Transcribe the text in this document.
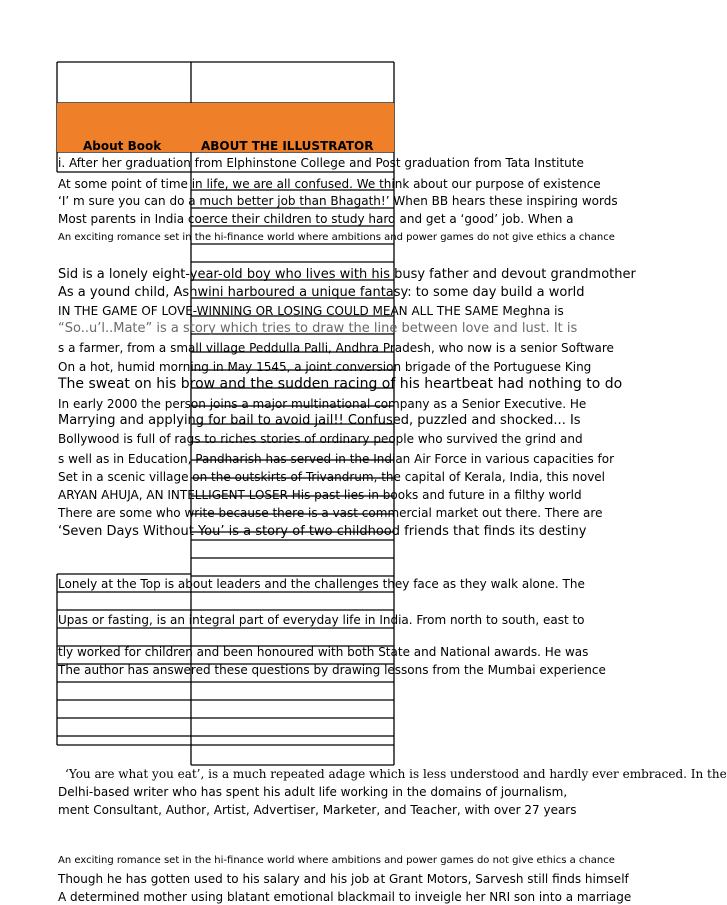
About Book	ABOUT THE ILLUSTRATOR
i. After her graduation from Elphinstone College and Post graduation from Tata Institute
At some point of time in life, we are all confused. We think about our purpose of existence
‘I’ m sure you can do a much better job than Bhagath!’ When BB hears these inspiring words
Most parents in India coerce their children to study hard and get a ‘good’ job. When a
An exciting romance set in the hi-finance world where ambitions and power games do not give ethics a chance
Sid is a lonely eight-year-old boy who lives with his busy father and devout grandmother
As a yound child, Ashwini harboured a unique fantasy: to some day build a world
IN THE GAME OF LOVE-WINNING OR LOSING COULD MEAN ALL THE SAME Meghna is
“So..u’l..Mate” is a story which tries to draw the line between love and lust. It is
s a farmer, from a small village Peddulla Palli, Andhra Pradesh, who now is a senior Software
On a hot, humid morning in May 1545, a joint conversion brigade of the Portuguese King
The sweat on his brow and the sudden racing of his heartbeat had nothing to do
In early 2000 the person joins a major multinational company as a Senior Executive. He
Marrying and applying for bail to avoid jail!! Confused, puzzled and shocked... Is
Bollywood is full of rags to riches stories of ordinary people who survived the grind and
s well as in Education, Pandharish has served in the Indian Air Force in various capacities for
Set in a scenic village on the outskirts of Trivandrum, the capital of Kerala, India, this novel
ARYAN AHUJA, AN INTELLIGENT LOSER His past lies in books and future in a filthy world
There are some who write because there is a vast commercial market out there. There are
‘Seven Days Without You’ is a story of two childhood friends that finds its destiny
Lonely at the Top is about leaders and the challenges they face as they walk alone. The
Upas or fasting, is an integral part of everyday life in India. From north to south, east to
tly worked for children and been honoured with both State and National awards. He was
The author has answered these questions by drawing lessons from the Mumbai experience
‘You are what you eat’, is a much repeated adage which is less understood and hardly ever embraced. In the
Delhi-based writer who has spent his adult life working in the domains of journalism,
ment Consultant, Author, Artist, Advertiser, Marketer, and Teacher, with over 27 years
An exciting romance set in the hi-finance world where ambitions and power games do not give ethics a chance
Though he has gotten used to his salary and his job at Grant Motors, Sarvesh still finds himself
A determined mother using blatant emotional blackmail to inveigle her NRI son into a marriage
